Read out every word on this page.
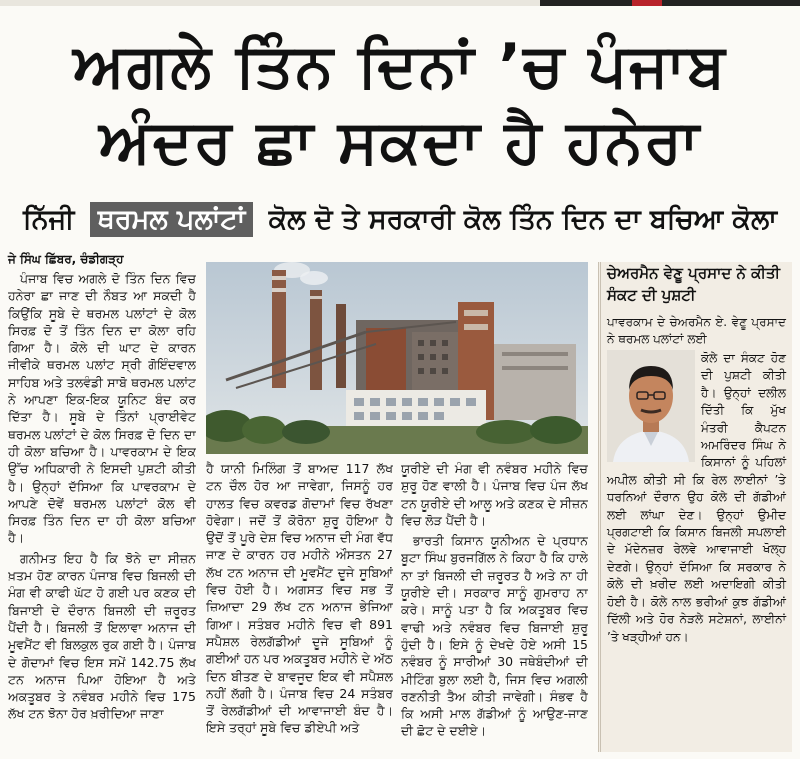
ਅਗਲੇ ਤਿੰਨ ਦਿਨਾਂ ’ਚ ਪੰਜਾਬ
ਅੰਦਰ ਛਾ ਸਕਦਾ ਹੈ ਹਨੇਰਾ
ਨਿੱਜੀ ਥਰਮਲ ਪਲਾਂਟਾਂ ਕੋਲ ਦੋ ਤੇ ਸਰਕਾਰੀ ਕੋਲ ਤਿੰਨ ਦਿਨ ਦਾ ਬਚਿਆ ਕੋਲਾ
ਜੇ ਸਿੰਘ ਛਿੱਬਰ, ਚੰਡੀਗੜ੍ਹ

ਪੰਜਾਬ ਵਿਚ ਅਗਲੇ ਦੋ ਤਿੰਨ ਦਿਨ ਵਿਚ ਹਨੇਰਾ ਛਾ ਜਾਣ ਦੀ ਨੌਬਤ ਆ ਸਕਦੀ ਹੈ ਕਿਉਂਕਿ ਸੂਬੇ ਦੇ ਥਰਮਲ ਪਲਾਂਟਾਂ ਦੇ ਕੋਲ ਸਿਰਫ਼ ਦੋ ਤੋਂ ਤਿੰਨ ਦਿਨ ਦਾ ਕੋਲਾ ਰਹਿ ਗਿਆ ਹੈ। ਕੋਲੇ ਦੀ ਘਾਟ ਦੇ ਕਾਰਨ ਜੀਵੀਕੇ ਥਰਮਲ ਪਲਾਂਟ ਸ੍ਰੀ ਗੋਇੰਦਵਾਲ ਸਾਹਿਬ ਅਤੇ ਤਲਵੰਡੀ ਸਾਬੋ ਥਰਮਲ ਪਲਾਂਟ ਨੇ ਆਪਣਾ ਇਕ-ਇਕ ਯੂਨਿਟ ਬੰਦ ਕਰ ਦਿੱਤਾ ਹੈ। ਸੂਬੇ ਦੇ ਤਿੰਨਾਂ ਪ੍ਰਾਈਵੇਟ ਥਰਮਲ ਪਲਾਂਟਾਂ ਦੇ ਕੋਲ ਸਿਰਫ਼ ਦੋ ਦਿਨ ਦਾ ਹੀ ਕੋਲਾ ਬਚਿਆ ਹੈ। ਪਾਵਰਕਾਮ ਦੇ ਇਕ ਉੱਚ ਅਧਿਕਾਰੀ ਨੇ ਇਸਦੀ ਪੁਸ਼ਟੀ ਕੀਤੀ ਹੈ। ਉਨ੍ਹਾਂ ਦੱਸਿਆ ਕਿ ਪਾਵਰਕਾਮ ਦੇ ਆਪਣੇ ਦੋਵੇਂ ਥਰਮਲ ਪਲਾਂਟਾਂ ਕੋਲ ਵੀ ਸਿਰਫ਼ ਤਿੰਨ ਦਿਨ ਦਾ ਹੀ ਕੋਲਾ ਬਚਿਆ ਹੈ।

ਗਨੀਮਤ ਇਹ ਹੈ ਕਿ ਝੋਨੇ ਦਾ ਸੀਜ਼ਨ ਖ਼ਤਮ ਹੋਣ ਕਾਰਨ ਪੰਜਾਬ ਵਿਚ ਬਿਜਲੀ ਦੀ ਮੰਗ ਵੀ ਕਾਫੀ ਘੱਟ ਹੋ ਗਈ ਪਰ ਕਣਕ ਦੀ ਬਿਜਾਈ ਦੇ ਦੌਰਾਨ ਬਿਜਲੀ ਦੀ ਜ਼ਰੂਰਤ ਪੈਂਦੀ ਹੈ। ਬਿਜਲੀ ਤੋਂ ਇਲਾਵਾ ਅਨਾਜ ਦੀ ਮੂਵਮੈਂਟ ਵੀ ਬਿਲਕੁਲ ਰੁਕ ਗਈ ਹੈ। ਪੰਜਾਬ ਦੇ ਗੋਦਾਮਾਂ ਵਿਚ ਇਸ ਸਮੇਂ 142.75 ਲੱਖ ਟਨ ਅਨਾਜ ਪਿਆ ਹੋਇਆ ਹੈ ਅਤੇ ਅਕਤੂਬਰ ਤੇ ਨਵੰਬਰ ਮਹੀਨੇ ਵਿਚ 175 ਲੱਖ ਟਨ ਝੋਨਾ ਹੋਰ ਖ਼ਰੀਦਿਆ ਜਾਣਾ

ਹੈ ਯਾਨੀ ਮਿਲਿੰਗ ਤੋਂ ਬਾਅਦ 117 ਲੱਖ ਟਨ ਚੌਲ ਹੋਰ ਆ ਜਾਵੇਗਾ, ਜਿਸਨੂੰ ਹਰ ਹਾਲਤ ਵਿਚ ਕਵਰਡ ਗੋਦਾਮਾਂ ਵਿਚ ਰੱਖਣਾ ਹੋਵੇਗਾ। ਜਦੋਂ ਤੋਂ ਕੋਰੋਨਾ ਸ਼ੁਰੂ ਹੋਇਆ ਹੈ ਉਦੋਂ ਤੋਂ ਪੂਰੇ ਦੇਸ਼ ਵਿਚ ਅਨਾਜ ਦੀ ਮੰਗ ਵੱਧ ਜਾਣ ਦੇ ਕਾਰਨ ਹਰ ਮਹੀਨੇ ਔਸਤਨ 27 ਲੱਖ ਟਨ ਅਨਾਜ ਦੀ ਮੂਵਮੈਂਟ ਦੂਜੇ ਸੂਬਿਆਂ ਵਿਚ ਹੋਈ ਹੈ। ਅਗਸਤ ਵਿਚ ਸਭ ਤੋਂ ਜ਼ਿਆਦਾ 29 ਲੱਖ ਟਨ ਅਨਾਜ ਭੇਜਿਆ ਗਿਆ। ਸਤੰਬਰ ਮਹੀਨੇ ਵਿਚ ਵੀ 891 ਸਪੈਸ਼ਲ ਰੇਲਗੱਡੀਆਂ ਦੂਜੇ ਸੂਬਿਆਂ ਨੂੰ ਗਈਆਂ ਹਨ ਪਰ ਅਕਤੂਬਰ ਮਹੀਨੇ ਦੇ ਅੱਠ ਦਿਨ ਬੀਤਣ ਦੇ ਬਾਵਜੂਦ ਇਕ ਵੀ ਸਪੈਸ਼ਲ ਨਹੀਂ ਲੱਗੀ ਹੈ। ਪੰਜਾਬ ਵਿਚ 24 ਸਤੰਬਰ ਤੋਂ ਰੇਲਗੱਡੀਆਂ ਦੀ ਆਵਾਜਾਈ ਬੰਦ ਹੈ। ਇਸੇ ਤਰ੍ਹਾਂ ਸੂਬੇ ਵਿਚ ਡੀਏਪੀ ਅਤੇ

ਯੂਰੀਏ ਦੀ ਮੰਗ ਵੀ ਨਵੰਬਰ ਮਹੀਨੇ ਵਿਚ ਸ਼ੁਰੂ ਹੋਣ ਵਾਲੀ ਹੈ। ਪੰਜਾਬ ਵਿਚ ਪੰਜ ਲੱਖ ਟਨ ਯੂਰੀਏ ਦੀ ਆਲੂ ਅਤੇ ਕਣਕ ਦੇ ਸੀਜ਼ਨ ਵਿਚ ਲੋੜ ਪੈਂਦੀ ਹੈ।

ਭਾਰਤੀ ਕਿਸਾਨ ਯੂਨੀਅਨ ਦੇ ਪ੍ਰਧਾਨ ਬੂਟਾ ਸਿੰਘ ਬੁਰਜਗਿੱਲ ਨੇ ਕਿਹਾ ਹੈ ਕਿ ਹਾਲੇ ਨਾ ਤਾਂ ਬਿਜਲੀ ਦੀ ਜ਼ਰੂਰਤ ਹੈ ਅਤੇ ਨਾ ਹੀ ਯੂਰੀਏ ਦੀ। ਸਰਕਾਰ ਸਾਨੂੰ ਗੁਮਰਾਹ ਨਾ ਕਰੇ। ਸਾਨੂੰ ਪਤਾ ਹੈ ਕਿ ਅਕਤੂਬਰ ਵਿਚ ਵਾਢੀ ਅਤੇ ਨਵੰਬਰ ਵਿਚ ਬਿਜਾਈ ਸ਼ੁਰੂ ਹੁੰਦੀ ਹੈ। ਇਸੇ ਨੂੰ ਦੇਖਦੇ ਹੋਏ ਅਸੀ 15 ਨਵੰਬਰ ਨੂੰ ਸਾਰੀਆਂ 30 ਜਥੇਬੰਦੀਆਂ ਦੀ ਮੀਟਿੰਗ ਬੁਲਾ ਲਈ ਹੈ, ਜਿਸ ਵਿਚ ਅਗਲੀ ਰਣਨੀਤੀ ਤੈਅ ਕੀਤੀ ਜਾਵੇਗੀ। ਸੰਭਵ ਹੈ ਕਿ ਅਸੀ ਮਾਲ ਗੱਡੀਆਂ ਨੂੰ ਆਉਣ-ਜਾਣ ਦੀ ਛੋਟ ਦੇ ਦਈਏ।

ਚੇਅਰਮੈਨ ਵੇਣੂ ਪ੍ਰਸਾਦ ਨੇ ਕੀਤੀ ਸੰਕਟ ਦੀ ਪੁਸ਼ਟੀ
ਪਾਵਰਕਾਮ ਦੇ ਚੇਅਰਮੈਨ ਏ. ਵੇਣੂ ਪ੍ਰਸਾਦ ਨੇ ਥਰਮਲ ਪਲਾਂਟਾਂ ਲਈ
ਕੋਲੇ ਦਾ ਸੰਕਟ ਹੋਣ ਦੀ ਪੁਸ਼ਟੀ ਕੀਤੀ ਹੈ। ਉਨ੍ਹਾਂ ਦਲੀਲ ਦਿੱਤੀ ਕਿ ਮੁੱਖ ਮੰਤਰੀ ਕੈਪਟਨ ਅਮਰਿੰਦਰ ਸਿੰਘ ਨੇ ਕਿਸਾਨਾਂ ਨੂੰ ਪਹਿਲਾਂ ਅਪੀਲ ਕੀਤੀ ਸੀ ਕਿ ਰੇਲ ਲਾਈਨਾਂ ’ਤੇ ਧਰਨਿਆਂ ਦੌਰਾਨ ਉਹ ਕੋਲੇ ਦੀ ਗੱਡੀਆਂ ਲਈ ਲਾਂਘਾ ਦੇਣ। ਉਨ੍ਹਾਂ ਉਮੀਦ ਪ੍ਰਗਟਾਈ ਕਿ ਕਿਸਾਨ ਬਿਜਲੀ ਸਪਲਾਈ ਦੇ ਮੱਦੇਨਜ਼ਰ ਰੇਲਵੇ ਆਵਾਜਾਈ ਖੋਲ੍ਹ ਦੇਣਗੇ। ਉਨ੍ਹਾਂ ਦੱਸਿਆ ਕਿ ਸਰਕਾਰ ਨੇ ਕੋਲੇ ਦੀ ਖ਼ਰੀਦ ਲਈ ਅਦਾਇਗੀ ਕੀਤੀ ਹੋਈ ਹੈ। ਕੋਲੇ ਨਾਲ ਭਰੀਆਂ ਕੁਝ ਗੱਡੀਆਂ ਦਿੱਲੀ ਅਤੇ ਹੋਰ ਨੇੜਲੇ ਸਟੇਸ਼ਨਾਂ, ਲਾਈਨਾਂ ’ਤੇ ਖੜ੍ਹੀਆਂ ਹਨ।
